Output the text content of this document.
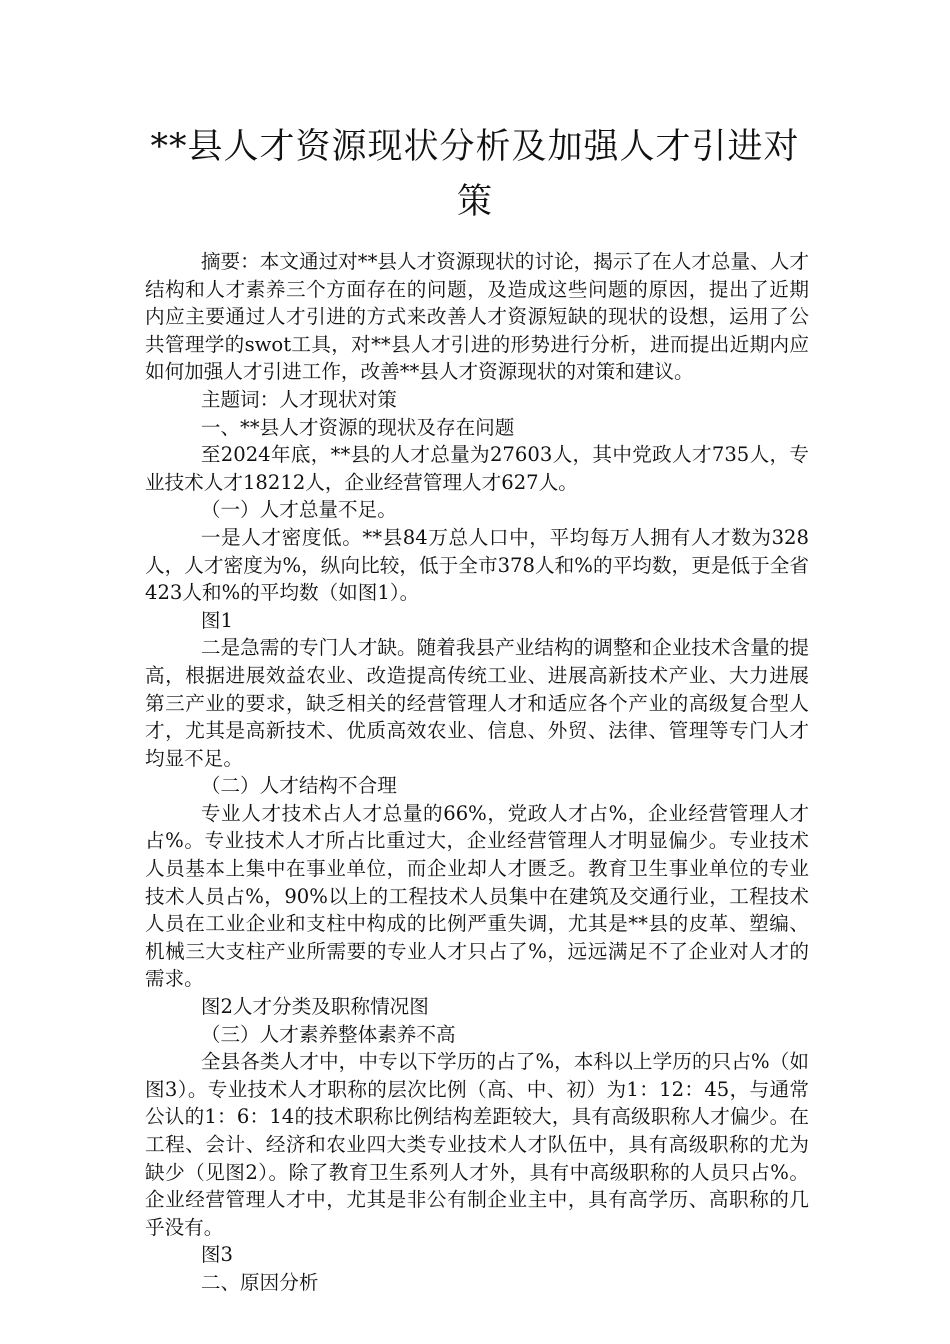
**县人才资源现状分析及加强人才引进对策

摘要：本文通过对**县人才资源现状的讨论，揭示了在人才总量、人才结构和人才素养三个方面存在的问题，及造成这些问题的原因，提出了近期内应主要通过人才引进的方式来改善人才资源短缺的现状的设想，运用了公共管理学的swot工具，对**县人才引进的形势进行分析，进而提出近期内应如何加强人才引进工作，改善**县人才资源现状的对策和建议。

主题词：人才现状对策

一、**县人才资源的现状及存在问题

至2024年底，**县的人才总量为27603人，其中党政人才735人，专业技术人才18212人，企业经营管理人才627人。

（一）人才总量不足。

一是人才密度低。**县84万总人口中，平均每万人拥有人才数为328人，人才密度为%，纵向比较，低于全市378人和%的平均数，更是低于全省423人和%的平均数（如图1）。

图1

二是急需的专门人才缺。随着我县产业结构的调整和企业技术含量的提高，根据进展效益农业、改造提高传统工业、进展高新技术产业、大力进展第三产业的要求，缺乏相关的经营管理人才和适应各个产业的高级复合型人才，尤其是高新技术、优质高效农业、信息、外贸、法律、管理等专门人才均显不足。

（二）人才结构不合理

专业人才技术占人才总量的66%，党政人才占%，企业经营管理人才占%。专业技术人才所占比重过大，企业经营管理人才明显偏少。专业技术人员基本上集中在事业单位，而企业却人才匮乏。教育卫生事业单位的专业技术人员占%，90%以上的工程技术人员集中在建筑及交通行业，工程技术人员在工业企业和支柱中构成的比例严重失调，尤其是**县的皮革、塑编、机械三大支柱产业所需要的专业人才只占了%，远远满足不了企业对人才的需求。

图2人才分类及职称情况图

（三）人才素养整体素养不高

全县各类人才中，中专以下学历的占了%，本科以上学历的只占%（如图3）。专业技术人才职称的层次比例（高、中、初）为1：12：45，与通常公认的1：6：14的技术职称比例结构差距较大，具有高级职称人才偏少。在工程、会计、经济和农业四大类专业技术人才队伍中，具有高级职称的尤为缺少（见图2）。除了教育卫生系列人才外，具有中高级职称的人员只占%。企业经营管理人才中，尤其是非公有制企业主中，具有高学历、高职称的几乎没有。

图3

二、原因分析
